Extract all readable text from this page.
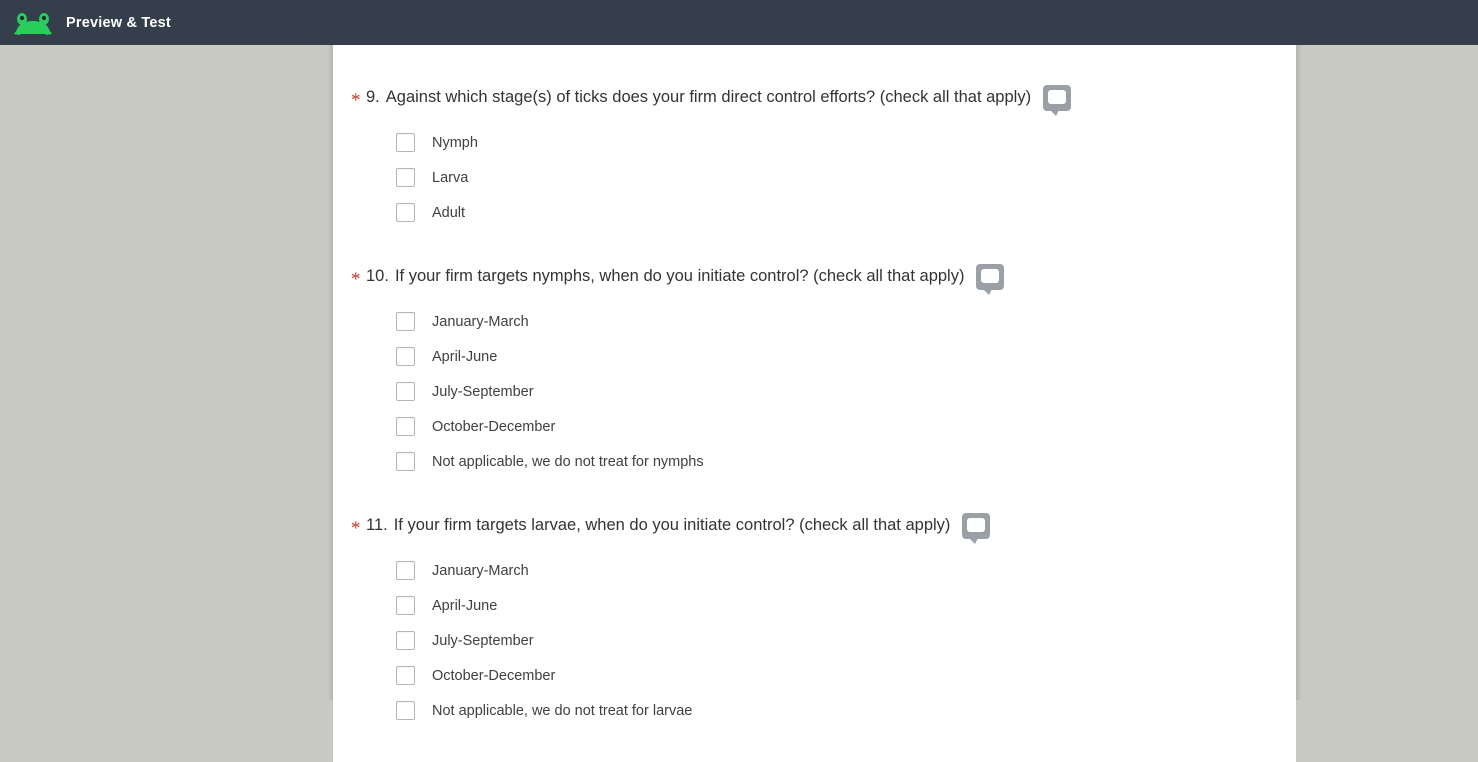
Preview & Test
* 9. Against which stage(s) of ticks does your firm direct control efforts? (check all that apply)
Nymph
Larva
Adult
* 10. If your firm targets nymphs, when do you initiate control? (check all that apply)
January-March
April-June
July-September
October-December
Not applicable, we do not treat for nymphs
* 11. If your firm targets larvae, when do you initiate control? (check all that apply)
January-March
April-June
July-September
October-December
Not applicable, we do not treat for larvae
